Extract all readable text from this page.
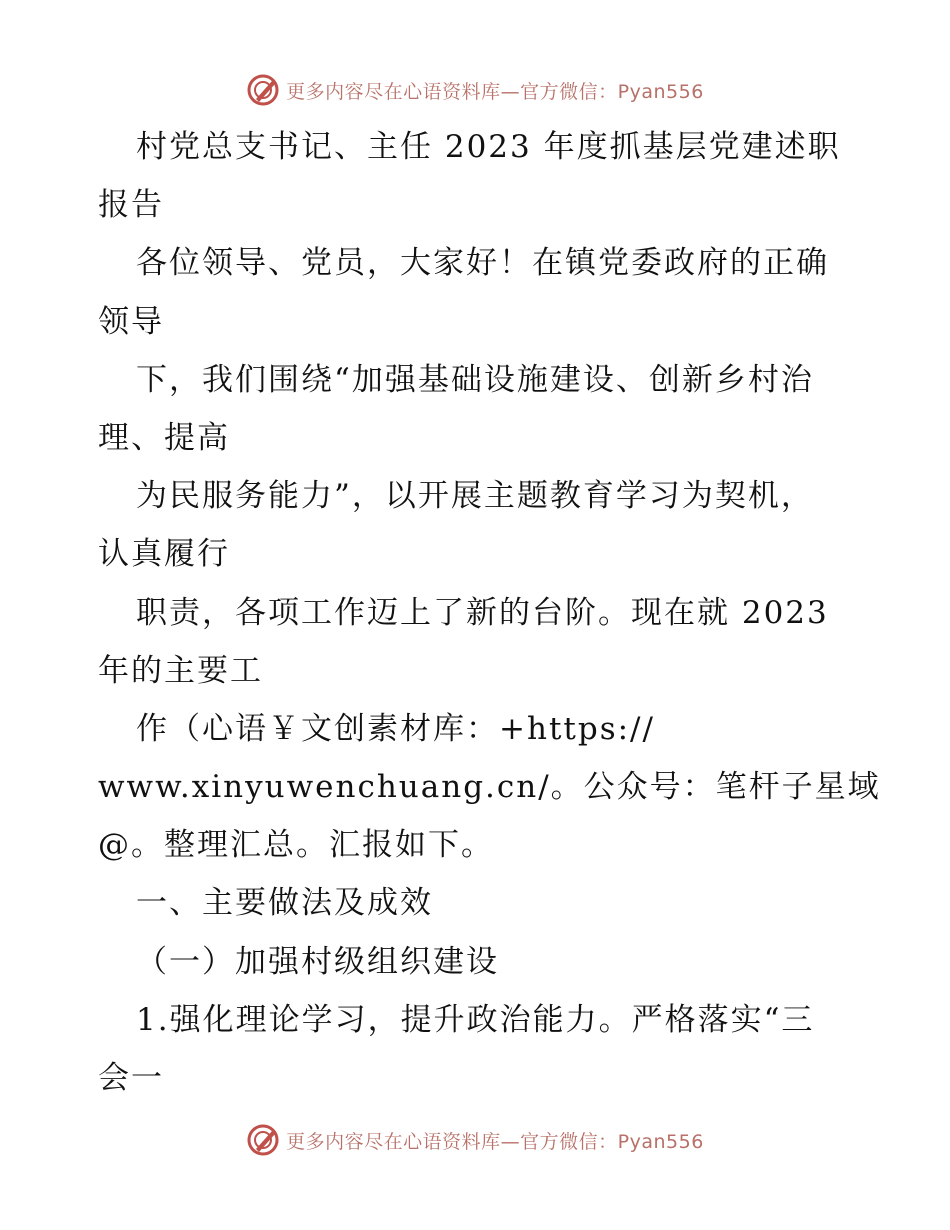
更多内容尽在心语资料库—官方微信：Pyan556
村党总支书记、主任 2023 年度抓基层党建述职
报告
各位领导、党员，大家好！在镇党委政府的正确
领导
下，我们围绕“加强基础设施建设、创新乡村治
理、提高
为民服务能力”，以开展主题教育学习为契机，
认真履行
职责，各项工作迈上了新的台阶。现在就 2023
年的主要工
作（心语￥文创素材库：+https://
www.xinyuwenchuang.cn/。公众号：笔杆子星域
@。整理汇总。汇报如下。
一、主要做法及成效
（一）加强村级组织建设
1.强化理论学习，提升政治能力。严格落实“三
会一
更多内容尽在心语资料库—官方微信：Pyan556
